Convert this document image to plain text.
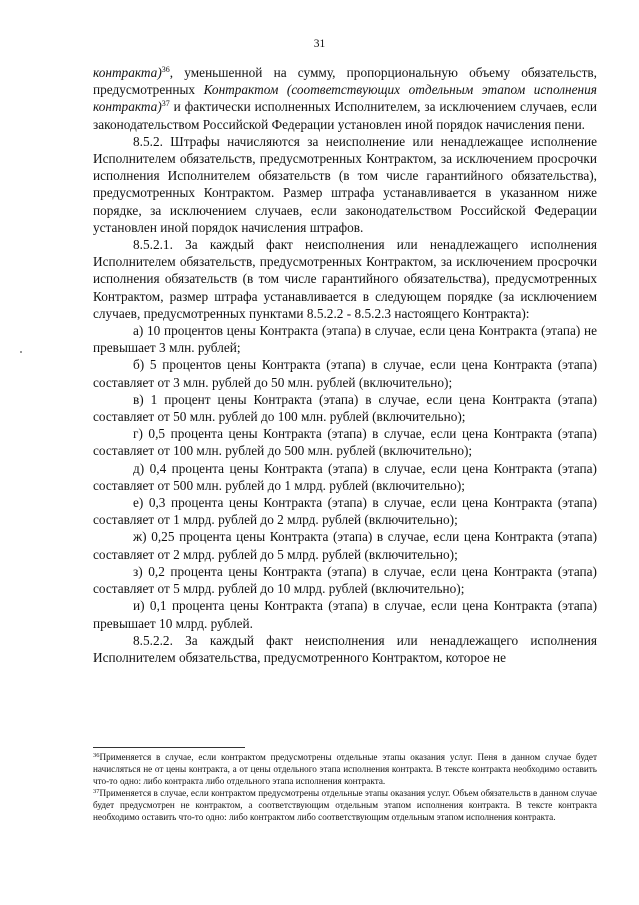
31

контракта)$^{36}$, уменьшенной на сумму, пропорциональную объему обязательств, предусмотренных Контрактом (соответствующих отдельным этапом исполнения контракта)$^{37}$ и фактически исполненных Исполнителем, за исключением случаев, если законодательством Российской Федерации установлен иной порядок начисления пени.

8.5.2. Штрафы начисляются за неисполнение или ненадлежащее исполнение Исполнителем обязательств, предусмотренных Контрактом, за исключением просрочки исполнения Исполнителем обязательств (в том числе гарантийного обязательства), предусмотренных Контрактом. Размер штрафа устанавливается в указанном ниже порядке, за исключением случаев, если законодательством Российской Федерации установлен иной порядок начисления штрафов.

8.5.2.1. За каждый факт неисполнения или ненадлежащего исполнения Исполнителем обязательств, предусмотренных Контрактом, за исключением просрочки исполнения обязательств (в том числе гарантийного обязательства), предусмотренных Контрактом, размер штрафа устанавливается в следующем порядке (за исключением случаев, предусмотренных пунктами 8.5.2.2 - 8.5.2.3 настоящего Контракта):

а) 10 процентов цены Контракта (этапа) в случае, если цена Контракта (этапа) не превышает 3 млн. рублей;

б) 5 процентов цены Контракта (этапа) в случае, если цена Контракта (этапа) составляет от 3 млн. рублей до 50 млн. рублей (включительно);

в) 1 процент цены Контракта (этапа) в случае, если цена Контракта (этапа) составляет от 50 млн. рублей до 100 млн. рублей (включительно);

г) 0,5 процента цены Контракта (этапа) в случае, если цена Контракта (этапа) составляет от 100 млн. рублей до 500 млн. рублей (включительно);

д) 0,4 процента цены Контракта (этапа) в случае, если цена Контракта (этапа) составляет от 500 млн. рублей до 1 млрд. рублей (включительно);

е) 0,3 процента цены Контракта (этапа) в случае, если цена Контракта (этапа) составляет от 1 млрд. рублей до 2 млрд. рублей (включительно);

ж) 0,25 процента цены Контракта (этапа) в случае, если цена Контракта (этапа) составляет от 2 млрд. рублей до 5 млрд. рублей (включительно);

з) 0,2 процента цены Контракта (этапа) в случае, если цена Контракта (этапа) составляет от 5 млрд. рублей до 10 млрд. рублей (включительно);

и) 0,1 процента цены Контракта (этапа) в случае, если цена Контракта (этапа) превышает 10 млрд. рублей.

8.5.2.2. За каждый факт неисполнения или ненадлежащего исполнения Исполнителем обязательства, предусмотренного Контрактом, которое не

$^{36}$Применяется в случае, если контрактом предусмотрены отдельные этапы оказания услуг. Пеня в данном случае будет начисляться не от цены контракта, а от цены отдельного этапа исполнения контракта. В тексте контракта необходимо оставить что-то одно: либо контракта либо отдельного этапа исполнения контракта.

$^{37}$Применяется в случае, если контрактом предусмотрены отдельные этапы оказания услуг. Объем обязательств в данном случае будет предусмотрен не контрактом, а соответствующим отдельным этапом исполнения контракта. В тексте контракта необходимо оставить что-то одно: либо контрактом либо соответствующим отдельным этапом исполнения контракта.
